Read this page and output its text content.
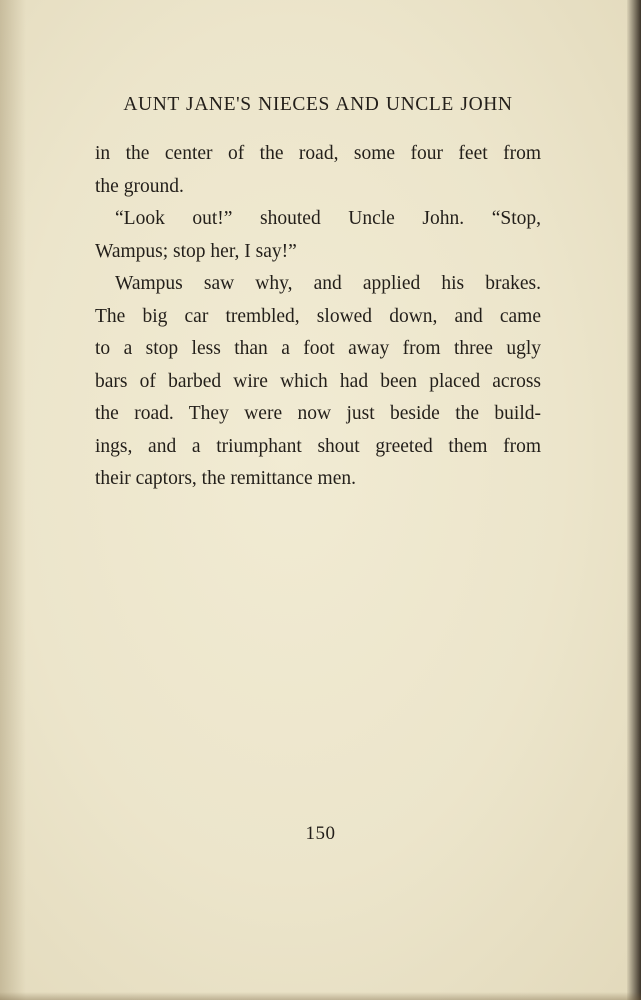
AUNT JANE'S NIECES AND UNCLE JOHN
in the center of the road, some four feet from
the ground.
“Look out!” shouted Uncle John. “Stop,
Wampus; stop her, I say!”
Wampus saw why, and applied his brakes.
The big car trembled, slowed down, and came
to a stop less than a foot away from three ugly
bars of barbed wire which had been placed across
the road. They were now just beside the build-
ings, and a triumphant shout greeted them from
their captors, the remittance men.
150
